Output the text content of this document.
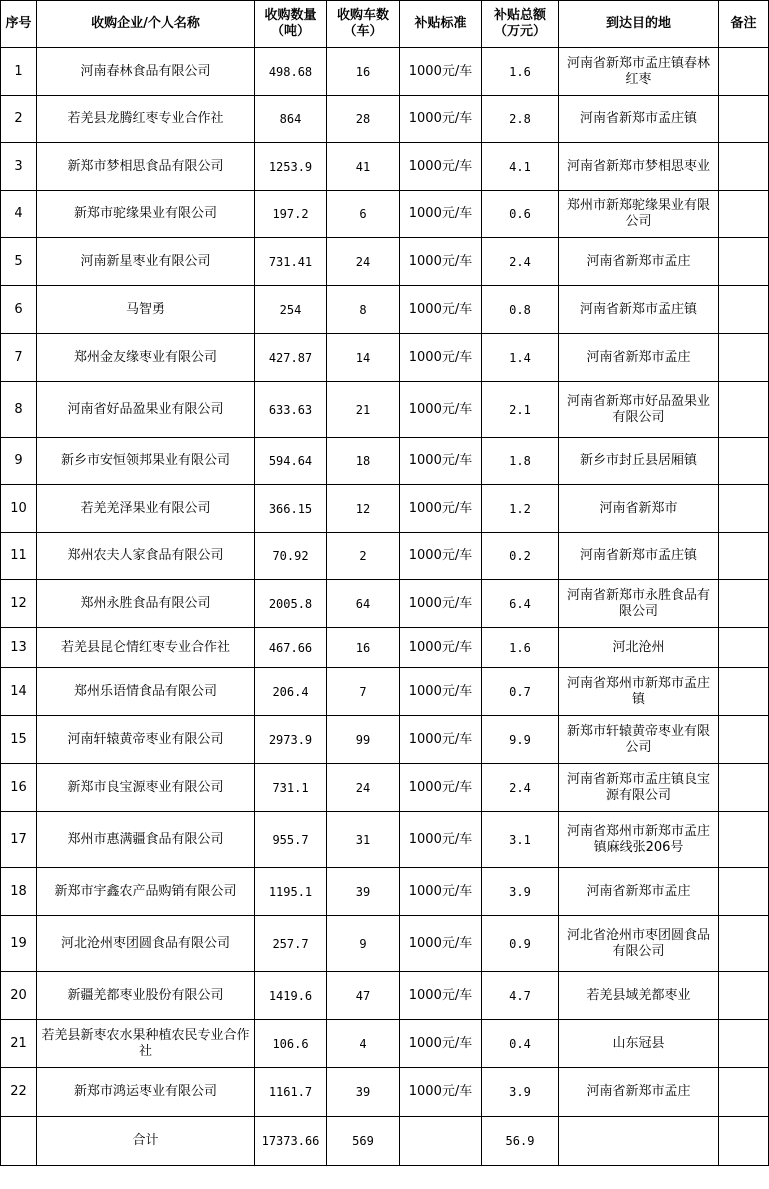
序号	收购企业/个人名称	收购数量（吨）	收购车数（车）	补贴标准	补贴总额（万元）	到达目的地	备注
1	河南春林食品有限公司	498.68	16	1000元/车	1.6	河南省新郑市孟庄镇春林红枣	
2	若羌县龙腾红枣专业合作社	864	28	1000元/车	2.8	河南省新郑市孟庄镇	
3	新郑市梦相思食品有限公司	1253.9	41	1000元/车	4.1	河南省新郑市梦相思枣业	
4	新郑市驼缘果业有限公司	197.2	6	1000元/车	0.6	郑州市新郑驼缘果业有限公司	
5	河南新星枣业有限公司	731.41	24	1000元/车	2.4	河南省新郑市孟庄	
6	马智勇	254	8	1000元/车	0.8	河南省新郑市孟庄镇	
7	郑州金友缘枣业有限公司	427.87	14	1000元/车	1.4	河南省新郑市孟庄	
8	河南省好品盈果业有限公司	633.63	21	1000元/车	2.1	河南省新郑市好品盈果业有限公司	
9	新乡市安恒领邦果业有限公司	594.64	18	1000元/车	1.8	新乡市封丘县居厢镇	
10	若羌羌泽果业有限公司	366.15	12	1000元/车	1.2	河南省新郑市	
11	郑州农夫人家食品有限公司	70.92	2	1000元/车	0.2	河南省新郑市孟庄镇	
12	郑州永胜食品有限公司	2005.8	64	1000元/车	6.4	河南省新郑市永胜食品有限公司	
13	若羌县昆仑情红枣专业合作社	467.66	16	1000元/车	1.6	河北沧州	
14	郑州乐语情食品有限公司	206.4	7	1000元/车	0.7	河南省郑州市新郑市孟庄镇	
15	河南轩辕黄帝枣业有限公司	2973.9	99	1000元/车	9.9	新郑市轩辕黄帝枣业有限公司	
16	新郑市良宝源枣业有限公司	731.1	24	1000元/车	2.4	河南省新郑市孟庄镇良宝源有限公司	
17	郑州市惠满疆食品有限公司	955.7	31	1000元/车	3.1	河南省郑州市新郑市孟庄镇麻线张206号	
18	新郑市宇鑫农产品购销有限公司	1195.1	39	1000元/车	3.9	河南省新郑市孟庄	
19	河北沧州枣团圆食品有限公司	257.7	9	1000元/车	0.9	河北省沧州市枣团圆食品有限公司	
20	新疆羌都枣业股份有限公司	1419.6	47	1000元/车	4.7	若羌县域羌都枣业	
21	若羌县新枣农水果种植农民专业合作社	106.6	4	1000元/车	0.4	山东冠县	
22	新郑市鸿运枣业有限公司	1161.7	39	1000元/车	3.9	河南省新郑市孟庄	
	合计	17373.66	569		56.9		
